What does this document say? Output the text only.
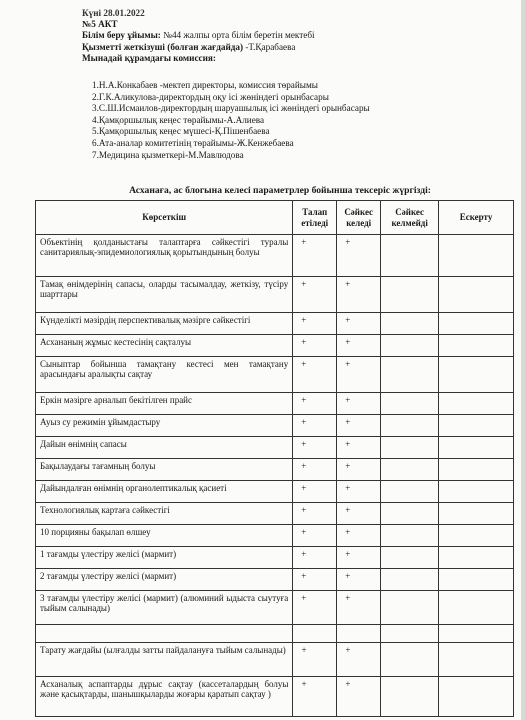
Күні 28.01.2022
№5 АКТ
Білім беру ұйымы: №44 жалпы орта білім беретін мектебі
Қызметті жеткізуші (болған жағдайда) -Т.Қарабаева
Мынадай құрамдағы комиссия:
1.Н.А.Конкабаев -мектеп директоры, комиссия төрайымы
2.Г.К.Аликулова-директордың оқу ісі жөніндегі орынбасары
3.С.Ш.Исмаилов-директордың шаруашылық ісі жөніндегі орынбасары
4.Қамқоршылық кеңес төрайымы-А.Алиева
5.Қамқоршылық кеңес мүшесі-Қ.Пішенбаева
6.Ата-аналар комитетінің төрайымы-Ж.Кенжебаева
7.Медицина қызметкері-М.Мавлюдова
Асханаға, ас блогына келесі параметрлер бойынша тексеріс жүргізді:
Көрсеткіш	Талап етіледі	Сәйкес келеді	Сәйкес келмейді	Ескерту
Объектінің қолданыстағы талаптарға сәйкестігі туралы санитариялық-эпидемиологиялық қорытындының болуы	+	+		
Тамақ өнімдерінің сапасы, оларды тасымалдау, жеткізу, түсіру шарттары	+	+		
Күнделікті мәзірдің перспективалық мәзірге сәйкестігі	+	+		
Асхананың жұмыс кестесінің сақталуы	+	+		
Сыныптар бойынша тамақтану кестесі мен тамақтану арасындағы аралықты сақтау	+	+		
Еркін мәзірге арналып бекітілген прайс	+	+		
Ауыз су режимін ұйымдастыру	+	+		
Дайын өнімнің сапасы	+	+		
Бақылаудағы тағамның болуы	+	+		
Дайындалған өнімнің органолептикалық қасиеті	+	+		
Технологиялық картаға сәйкестігі	+	+		
10 порцияны бақылап өлшеу	+	+		
1 тағамды үлестіру желісі (мармит)	+	+		
2 тағамды үлестіру желісі (мармит)	+	+		
3 тағамды үлестіру желісі (мармит) (алюминий ыдыста сыутуға тыйым салынады)	+	+		

Тарату жағдайы (ылғалды затты пайдалануға тыйым салынады)	+	+		
Асханалық аспаптарды дұрыс сақтау (кассеталардың болуы және қасықтарды, шанышқыларды жоғары қаратып сақтау )	+	+		
